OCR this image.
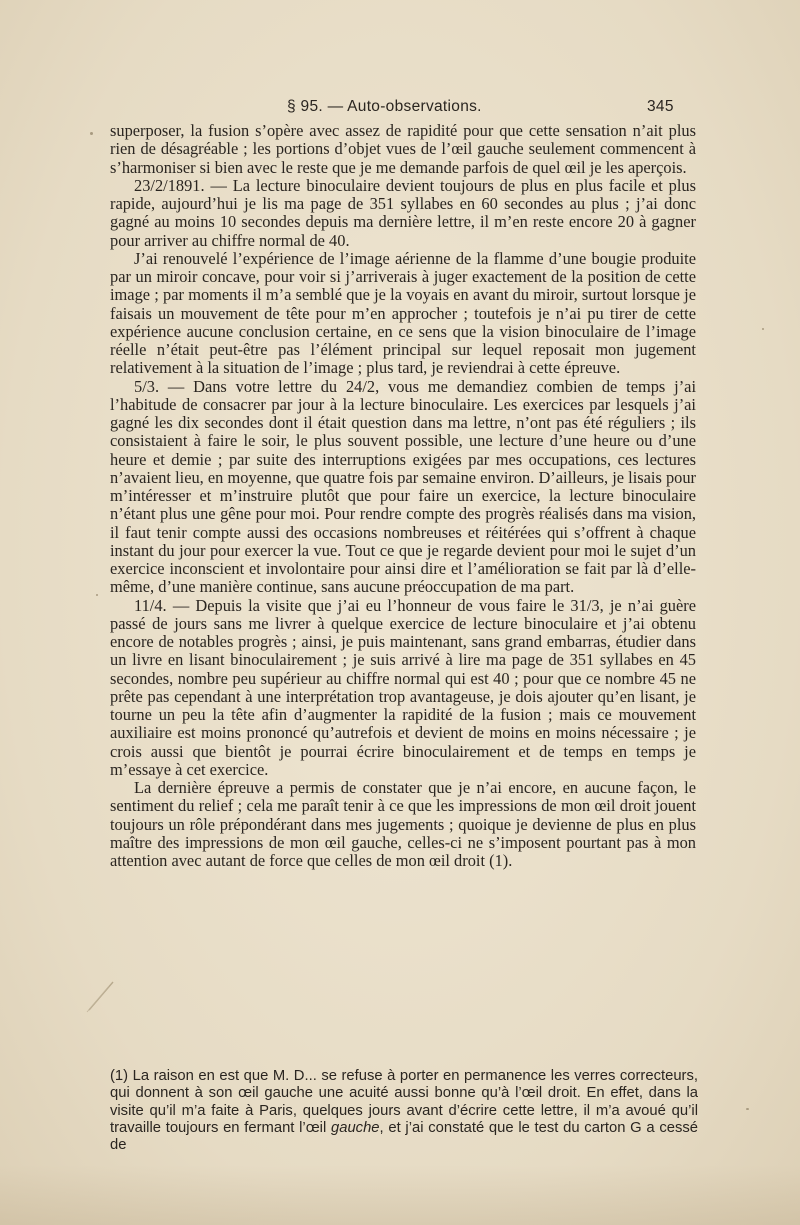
§ 95. — Auto-observations.	345

superposer, la fusion s’opère avec assez de rapidité pour que cette sensation n’ait plus rien de désagréable ; les portions d’objet vues de l’œil gauche seulement commencent à s’harmoniser si bien avec le reste que je me demande parfois de quel œil je les aperçois.

23/2/1891. — La lecture binoculaire devient toujours de plus en plus facile et plus rapide, aujourd’hui je lis ma page de 351 syllabes en 60 secondes au plus ; j’ai donc gagné au moins 10 secondes depuis ma dernière lettre, il m’en reste encore 20 à gagner pour arriver au chiffre normal de 40.

J’ai renouvelé l’expérience de l’image aérienne de la flamme d’une bougie produite par un miroir concave, pour voir si j’arriverais à juger exactement de la position de cette image ; par moments il m’a semblé que je la voyais en avant du miroir, surtout lorsque je faisais un mouvement de tête pour m’en approcher ; toutefois je n’ai pu tirer de cette expérience aucune conclusion certaine, en ce sens que la vision binoculaire de l’image réelle n’était peut-être pas l’élément principal sur lequel reposait mon jugement relativement à la situation de l’image ; plus tard, je reviendrai à cette épreuve.

5/3. — Dans votre lettre du 24/2, vous me demandiez combien de temps j’ai l’habitude de consacrer par jour à la lecture binoculaire. Les exercices par lesquels j’ai gagné les dix secondes dont il était question dans ma lettre, n’ont pas été réguliers ; ils consistaient à faire le soir, le plus souvent possible, une lecture d’une heure ou d’une heure et demie ; par suite des interruptions exigées par mes occupations, ces lectures n’avaient lieu, en moyenne, que quatre fois par semaine environ. D’ailleurs, je lisais pour m’intéresser et m’instruire plutôt que pour faire un exercice, la lecture binoculaire n’étant plus une gêne pour moi. Pour rendre compte des progrès réalisés dans ma vision, il faut tenir compte aussi des occasions nombreuses et réitérées qui s’offrent à chaque instant du jour pour exercer la vue. Tout ce que je regarde devient pour moi le sujet d’un exercice inconscient et involontaire pour ainsi dire et l’amélioration se fait par là d’elle-même, d’une manière continue, sans aucune préoccupation de ma part.

11/4. — Depuis la visite que j’ai eu l’honneur de vous faire le 31/3, je n’ai guère passé de jours sans me livrer à quelque exercice de lecture binoculaire et j’ai obtenu encore de notables progrès ; ainsi, je puis maintenant, sans grand embarras, étudier dans un livre en lisant binoculairement ; je suis arrivé à lire ma page de 351 syllabes en 45 secondes, nombre peu supérieur au chiffre normal qui est 40 ; pour que ce nombre 45 ne prête pas cependant à une interprétation trop avantageuse, je dois ajouter qu’en lisant, je tourne un peu la tête afin d’augmenter la rapidité de la fusion ; mais ce mouvement auxiliaire est moins prononcé qu’autrefois et devient de moins en moins nécessaire ; je crois aussi que bientôt je pourrai écrire binoculairement et de temps en temps je m’essaye à cet exercice.

La dernière épreuve a permis de constater que je n’ai encore, en aucune façon, le sentiment du relief ; cela me paraît tenir à ce que les impressions de mon œil droit jouent toujours un rôle prépondérant dans mes jugements ; quoique je devienne de plus en plus maître des impressions de mon œil gauche, celles-ci ne s’imposent pourtant pas à mon attention avec autant de force que celles de mon œil droit (1).

(1) La raison en est que M. D... se refuse à porter en permanence les verres correcteurs, qui donnent à son œil gauche une acuité aussi bonne qu’à l’œil droit. En effet, dans la visite qu’il m’a faite à Paris, quelques jours avant d’écrire cette lettre, il m’a avoué qu’il travaille toujours en fermant l’œil gauche, et j’ai constaté que le test du carton G a cessé de
